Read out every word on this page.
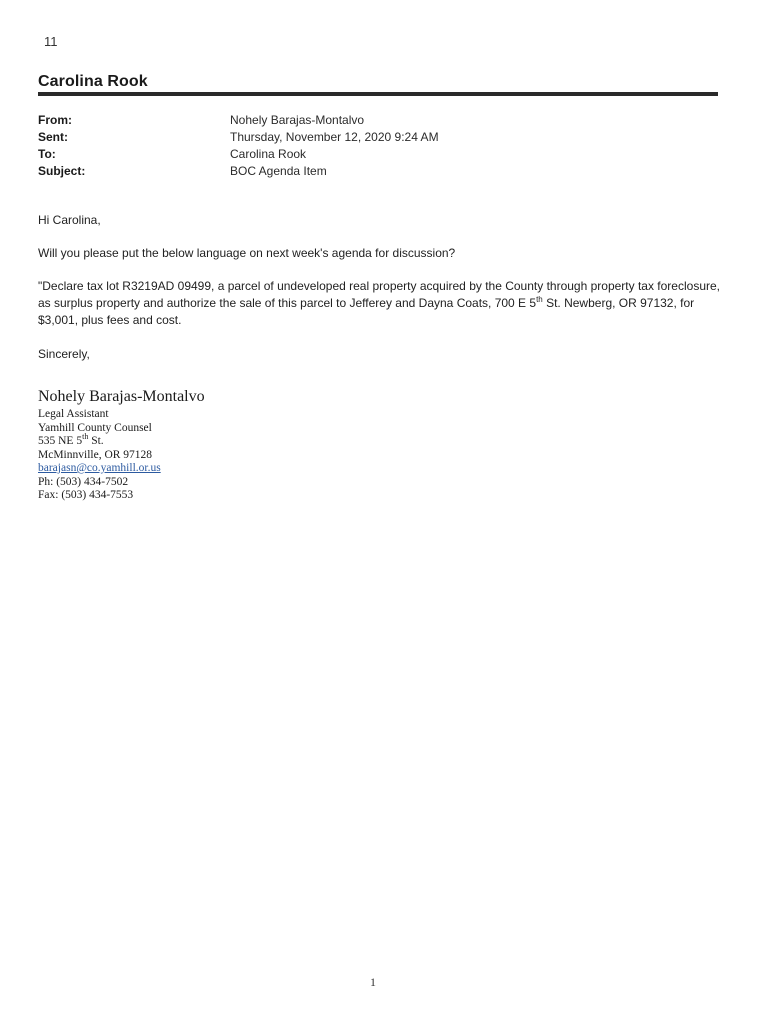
11
Carolina Rook
From:	Nohely Barajas-Montalvo
Sent:	Thursday, November 12, 2020 9:24 AM
To:	Carolina Rook
Subject:	BOC Agenda Item

Hi Carolina,

Will you please put the below language on next week's agenda for discussion?

"Declare tax lot R3219AD 09499, a parcel of undeveloped real property acquired by the County through property tax foreclosure, as surplus property and authorize the sale of this parcel to Jefferey and Dayna Coats, 700 E 5th St. Newberg, OR 97132, for $3,001, plus fees and cost.

Sincerely,

Nohely Barajas-Montalvo
Legal Assistant
Yamhill County Counsel
535 NE 5th St.
McMinnville, OR 97128
barajasn@co.yamhill.or.us
Ph: (503) 434-7502
Fax: (503) 434-7553
1
